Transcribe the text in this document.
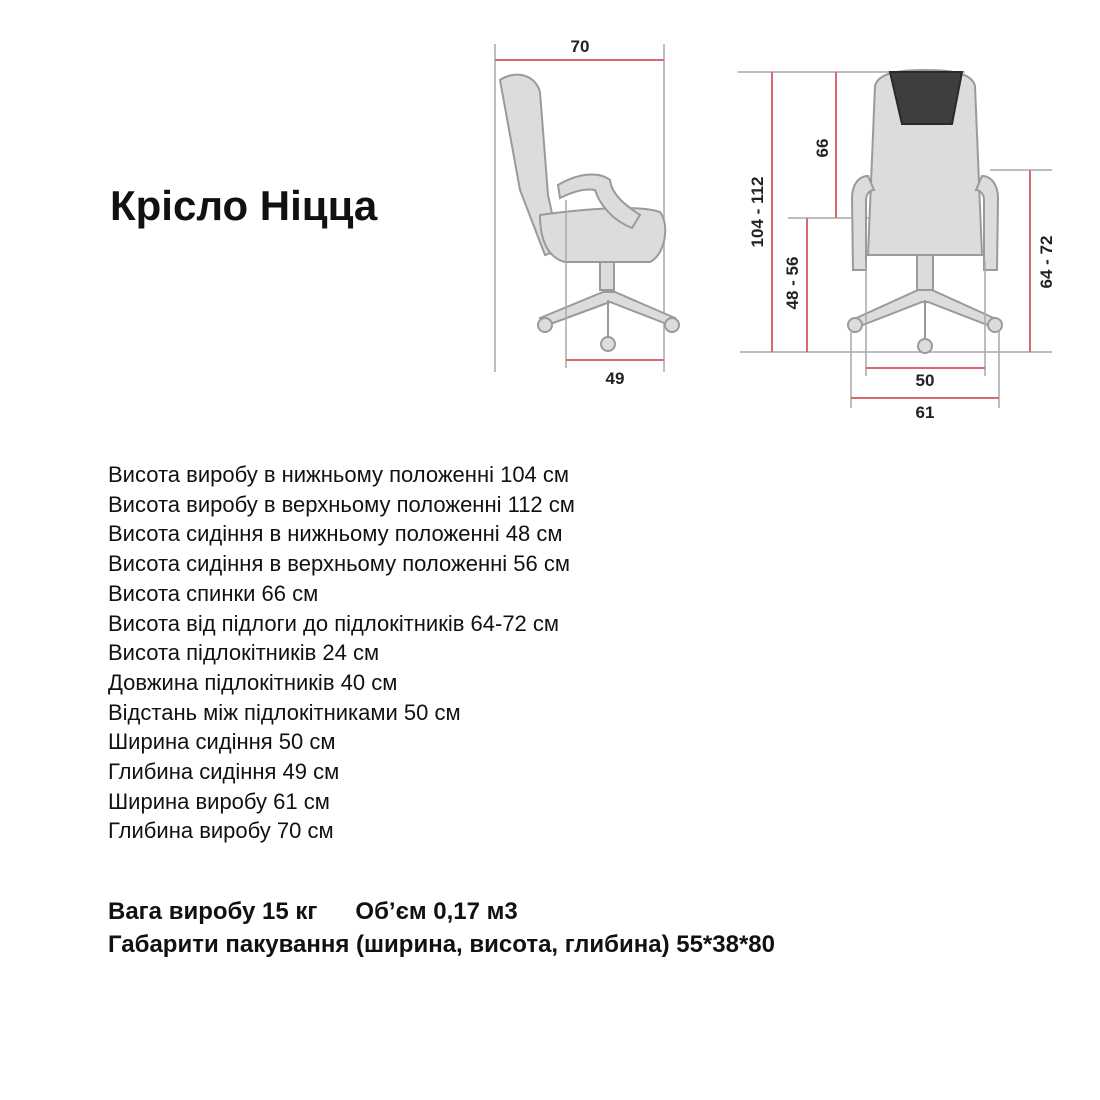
Крісло Ніцца
70
49
104 - 112
48 - 56
66
64 - 72
50
61
Висота виробу в нижньому положенні 104 см
Висота виробу в верхньому положенні 112 см
Висота сидіння в нижньому положенні 48 см
Висота сидіння в верхньому положенні 56 см
Висота спинки 66 см
Висота від підлоги до підлокітників 64-72 см
Висота підлокітників 24 см
Довжина підлокітників 40 см
Відстань між підлокітниками 50 см
Ширина сидіння 50 см
Глибина сидіння 49 см
Ширина виробу 61 см
Глибина виробу 70 см
Вага виробу 15 кг Об’єм 0,17 м3
Габарити пакування (ширина, висота, глибина) 55*38*80
